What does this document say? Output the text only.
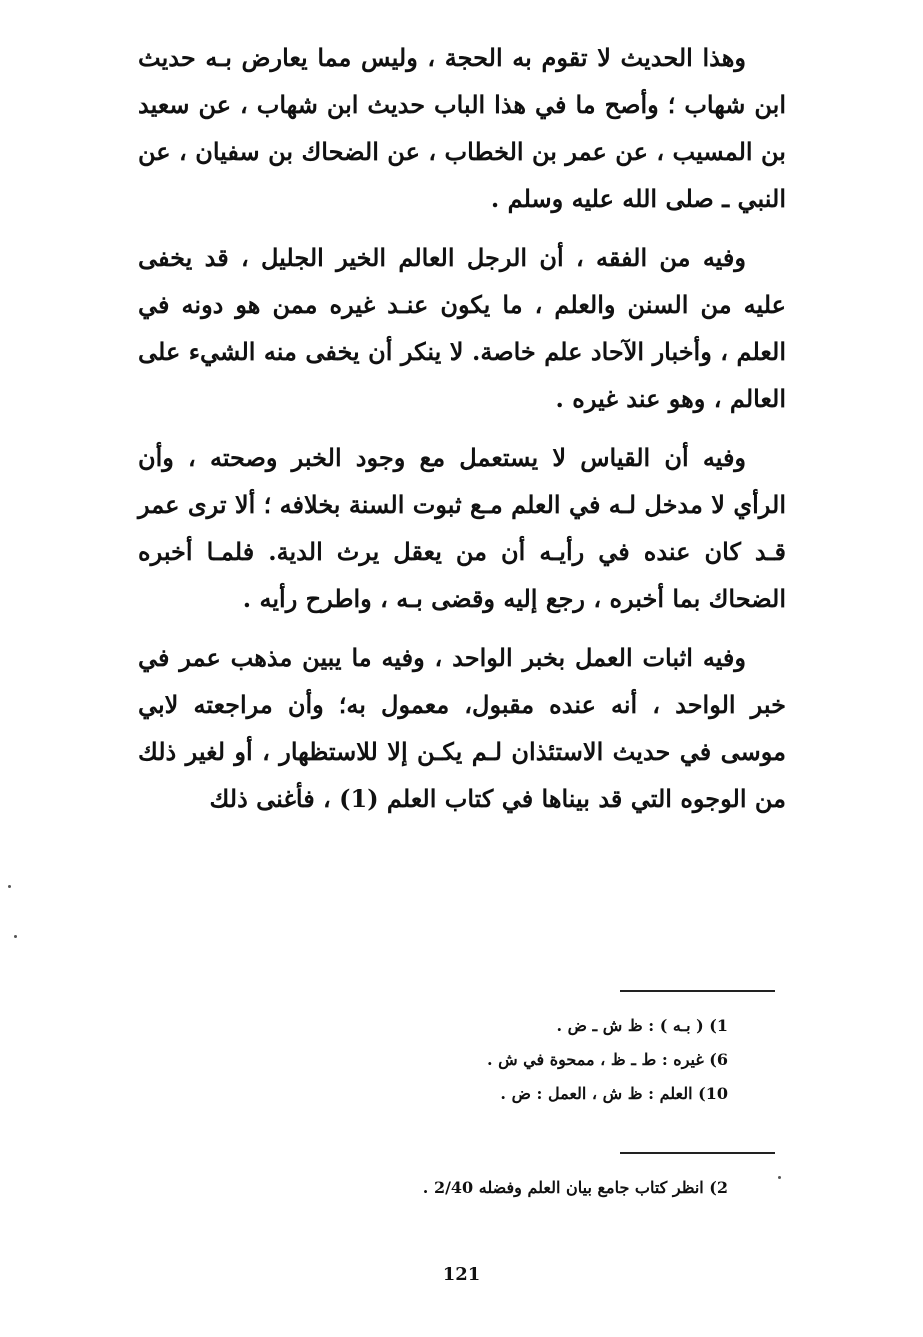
وهذا الحديث لا تقوم به الحجة ، وليس مما يعارض بـه حديث ابن شهاب ؛ وأصح ما في هذا الباب حديث ابن شهاب ، عن سعيد بن المسيب ، عن عمر بن الخطاب ، عن الضحاك بن سفيان ، عن النبي ـ صلى الله عليه وسلم .

وفيه من الفقه ، أن الرجل العالم الخير الجليل ، قد يخفى عليه من السنن والعلم ، ما يكون عنـد غيره ممن هو دونه في العلم ، وأخبار الآحاد علم خاصة. لا ينكر أن يخفى منه الشيء على العالم ، وهو عند غيره .

وفيه أن القياس لا يستعمل مع وجود الخبر وصحته ، وأن الرأي لا مدخل لـه في العلم مـع ثبوت السنة بخلافه ؛ ألا ترى عمر قـد كان عنده في رأيـه أن من يعقل يرث الدية. فلمـا أخبره الضحاك بما أخبره ، رجع إليه وقضى بـه ، واطرح رأيه .

وفيه اثبات العمل بخبر الواحد ، وفيه ما يبين مذهب عمر في خبر الواحد ، أنه عنده مقبول، معمول به؛ وأن مراجعته لابي موسى في حديث الاستئذان لـم يكـن إلا للاستظهار ، أو لغير ذلك من الوجوه التي قد بيناها في كتاب العلم (1) ، فأغنى ذلك

1) ( بـه ) : ظ ش ـ ض .
6) غيره : ط ـ ظ ، ممحوة في ش .
10) العلم : ظ ش ، العمل : ض .
2) انظر كتاب جامع بيان العلم وفضله 2/40 .
121
